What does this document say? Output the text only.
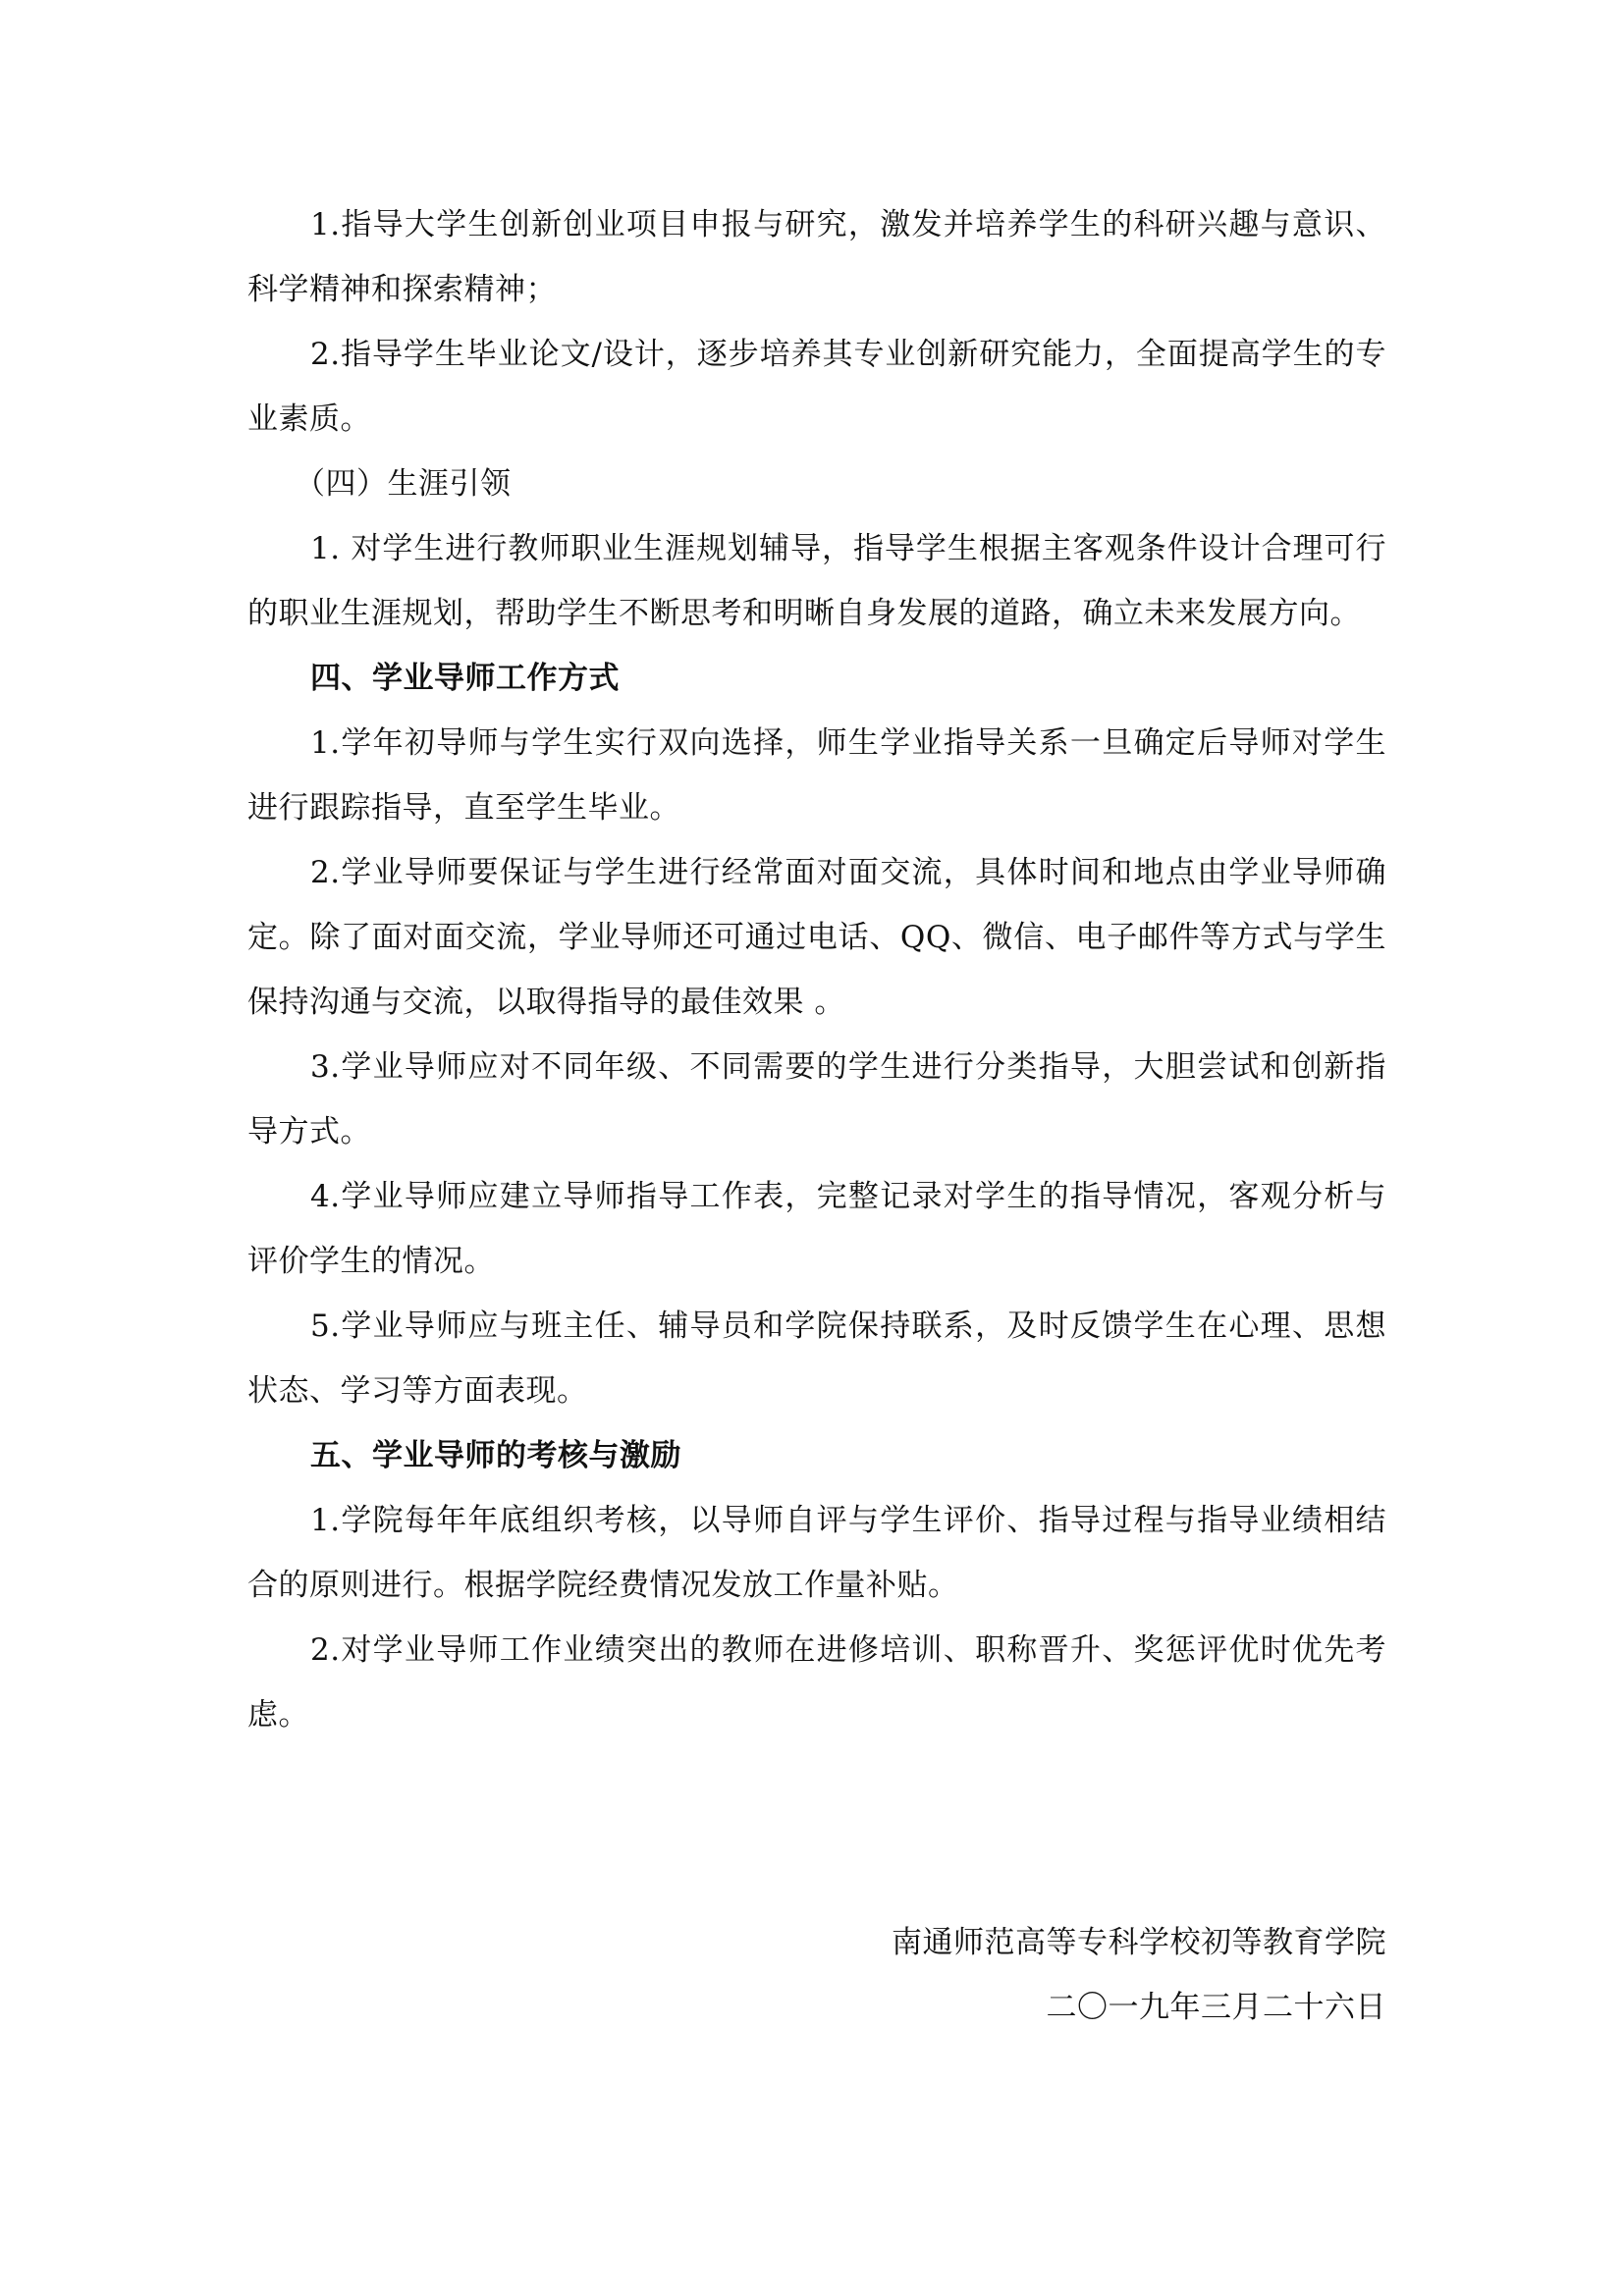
1.指导大学生创新创业项目申报与研究，激发并培养学生的科研兴趣与意识、科学精神和探索精神；

2.指导学生毕业论文/设计，逐步培养其专业创新研究能力，全面提高学生的专业素质。

（四）生涯引领

1. 对学生进行教师职业生涯规划辅导，指导学生根据主客观条件设计合理可行的职业生涯规划，帮助学生不断思考和明晰自身发展的道路，确立未来发展方向。

四、学业导师工作方式

1.学年初导师与学生实行双向选择，师生学业指导关系一旦确定后导师对学生进行跟踪指导，直至学生毕业。

2.学业导师要保证与学生进行经常面对面交流，具体时间和地点由学业导师确定。除了面对面交流，学业导师还可通过电话、QQ、微信、电子邮件等方式与学生保持沟通与交流，以取得指导的最佳效果 。

3.学业导师应对不同年级、不同需要的学生进行分类指导，大胆尝试和创新指导方式。

4.学业导师应建立导师指导工作表，完整记录对学生的指导情况，客观分析与评价学生的情况。

5.学业导师应与班主任、辅导员和学院保持联系，及时反馈学生在心理、思想状态、学习等方面表现。

五、学业导师的考核与激励

1.学院每年年底组织考核，以导师自评与学生评价、指导过程与指导业绩相结合的原则进行。根据学院经费情况发放工作量补贴。

2.对学业导师工作业绩突出的教师在进修培训、职称晋升、奖惩评优时优先考虑。

南通师范高等专科学校初等教育学院

二〇一九年三月二十六日
